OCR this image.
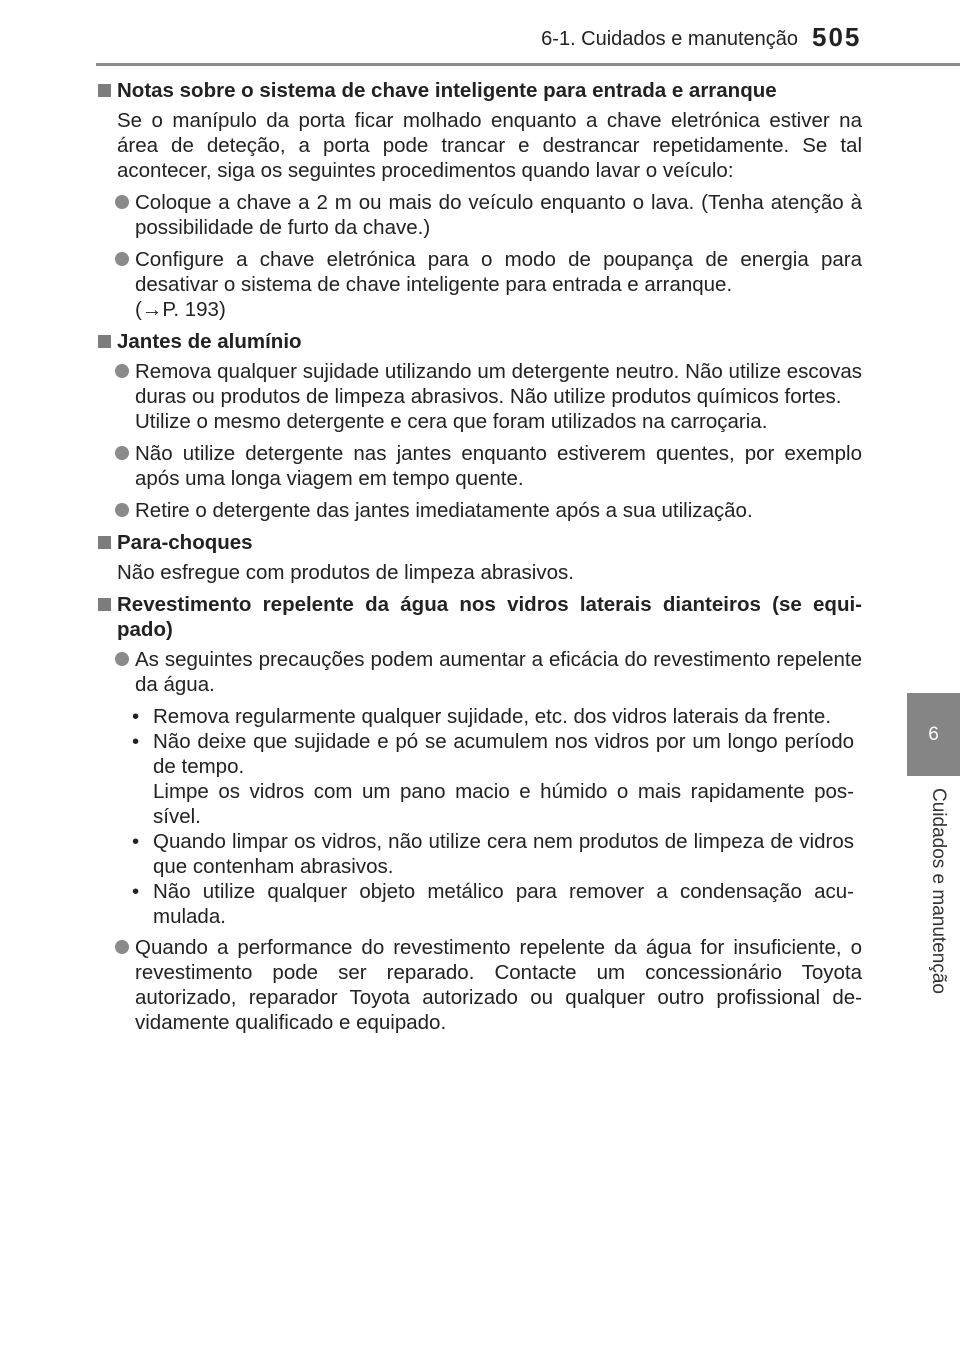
6-1. Cuidados e manutenção 505
6
Cuidados e manutenção
Notas sobre o sistema de chave inteligente para entrada e arranque
Se o manípulo da porta ficar molhado enquanto a chave eletrónica estiver na área de deteção, a porta pode trancar e destrancar repetidamente. Se tal acontecer, siga os seguintes procedimentos quando lavar o veículo:
Coloque a chave a 2 m ou mais do veículo enquanto o lava. (Tenha atenção à possibilidade de furto da chave.)
Configure a chave eletrónica para o modo de poupança de energia para desativar o sistema de chave inteligente para entrada e arranque.
(→P. 193)
Jantes de alumínio
Remova qualquer sujidade utilizando um detergente neutro. Não utilize escovas duras ou produtos de limpeza abrasivos. Não utilize produtos químicos fortes.
Utilize o mesmo detergente e cera que foram utilizados na carroçaria.
Não utilize detergente nas jantes enquanto estiverem quentes, por exemplo após uma longa viagem em tempo quente.
Retire o detergente das jantes imediatamente após a sua utilização.
Para-choques
Não esfregue com produtos de limpeza abrasivos.
Revestimento repelente da água nos vidros laterais dianteiros (se equi-pado)
As seguintes precauções podem aumentar a eficácia do revestimento repelente da água.
• Remova regularmente qualquer sujidade, etc. dos vidros laterais da frente.
• Não deixe que sujidade e pó se acumulem nos vidros por um longo período de tempo.
Limpe os vidros com um pano macio e húmido o mais rapidamente pos-sível.
• Quando limpar os vidros, não utilize cera nem produtos de limpeza de vidros que contenham abrasivos.
• Não utilize qualquer objeto metálico para remover a condensação acu-mulada.
Quando a performance do revestimento repelente da água for insuficiente, o revestimento pode ser reparado. Contacte um concessionário Toyota autorizado, reparador Toyota autorizado ou qualquer outro profissional de-vidamente qualificado e equipado.
